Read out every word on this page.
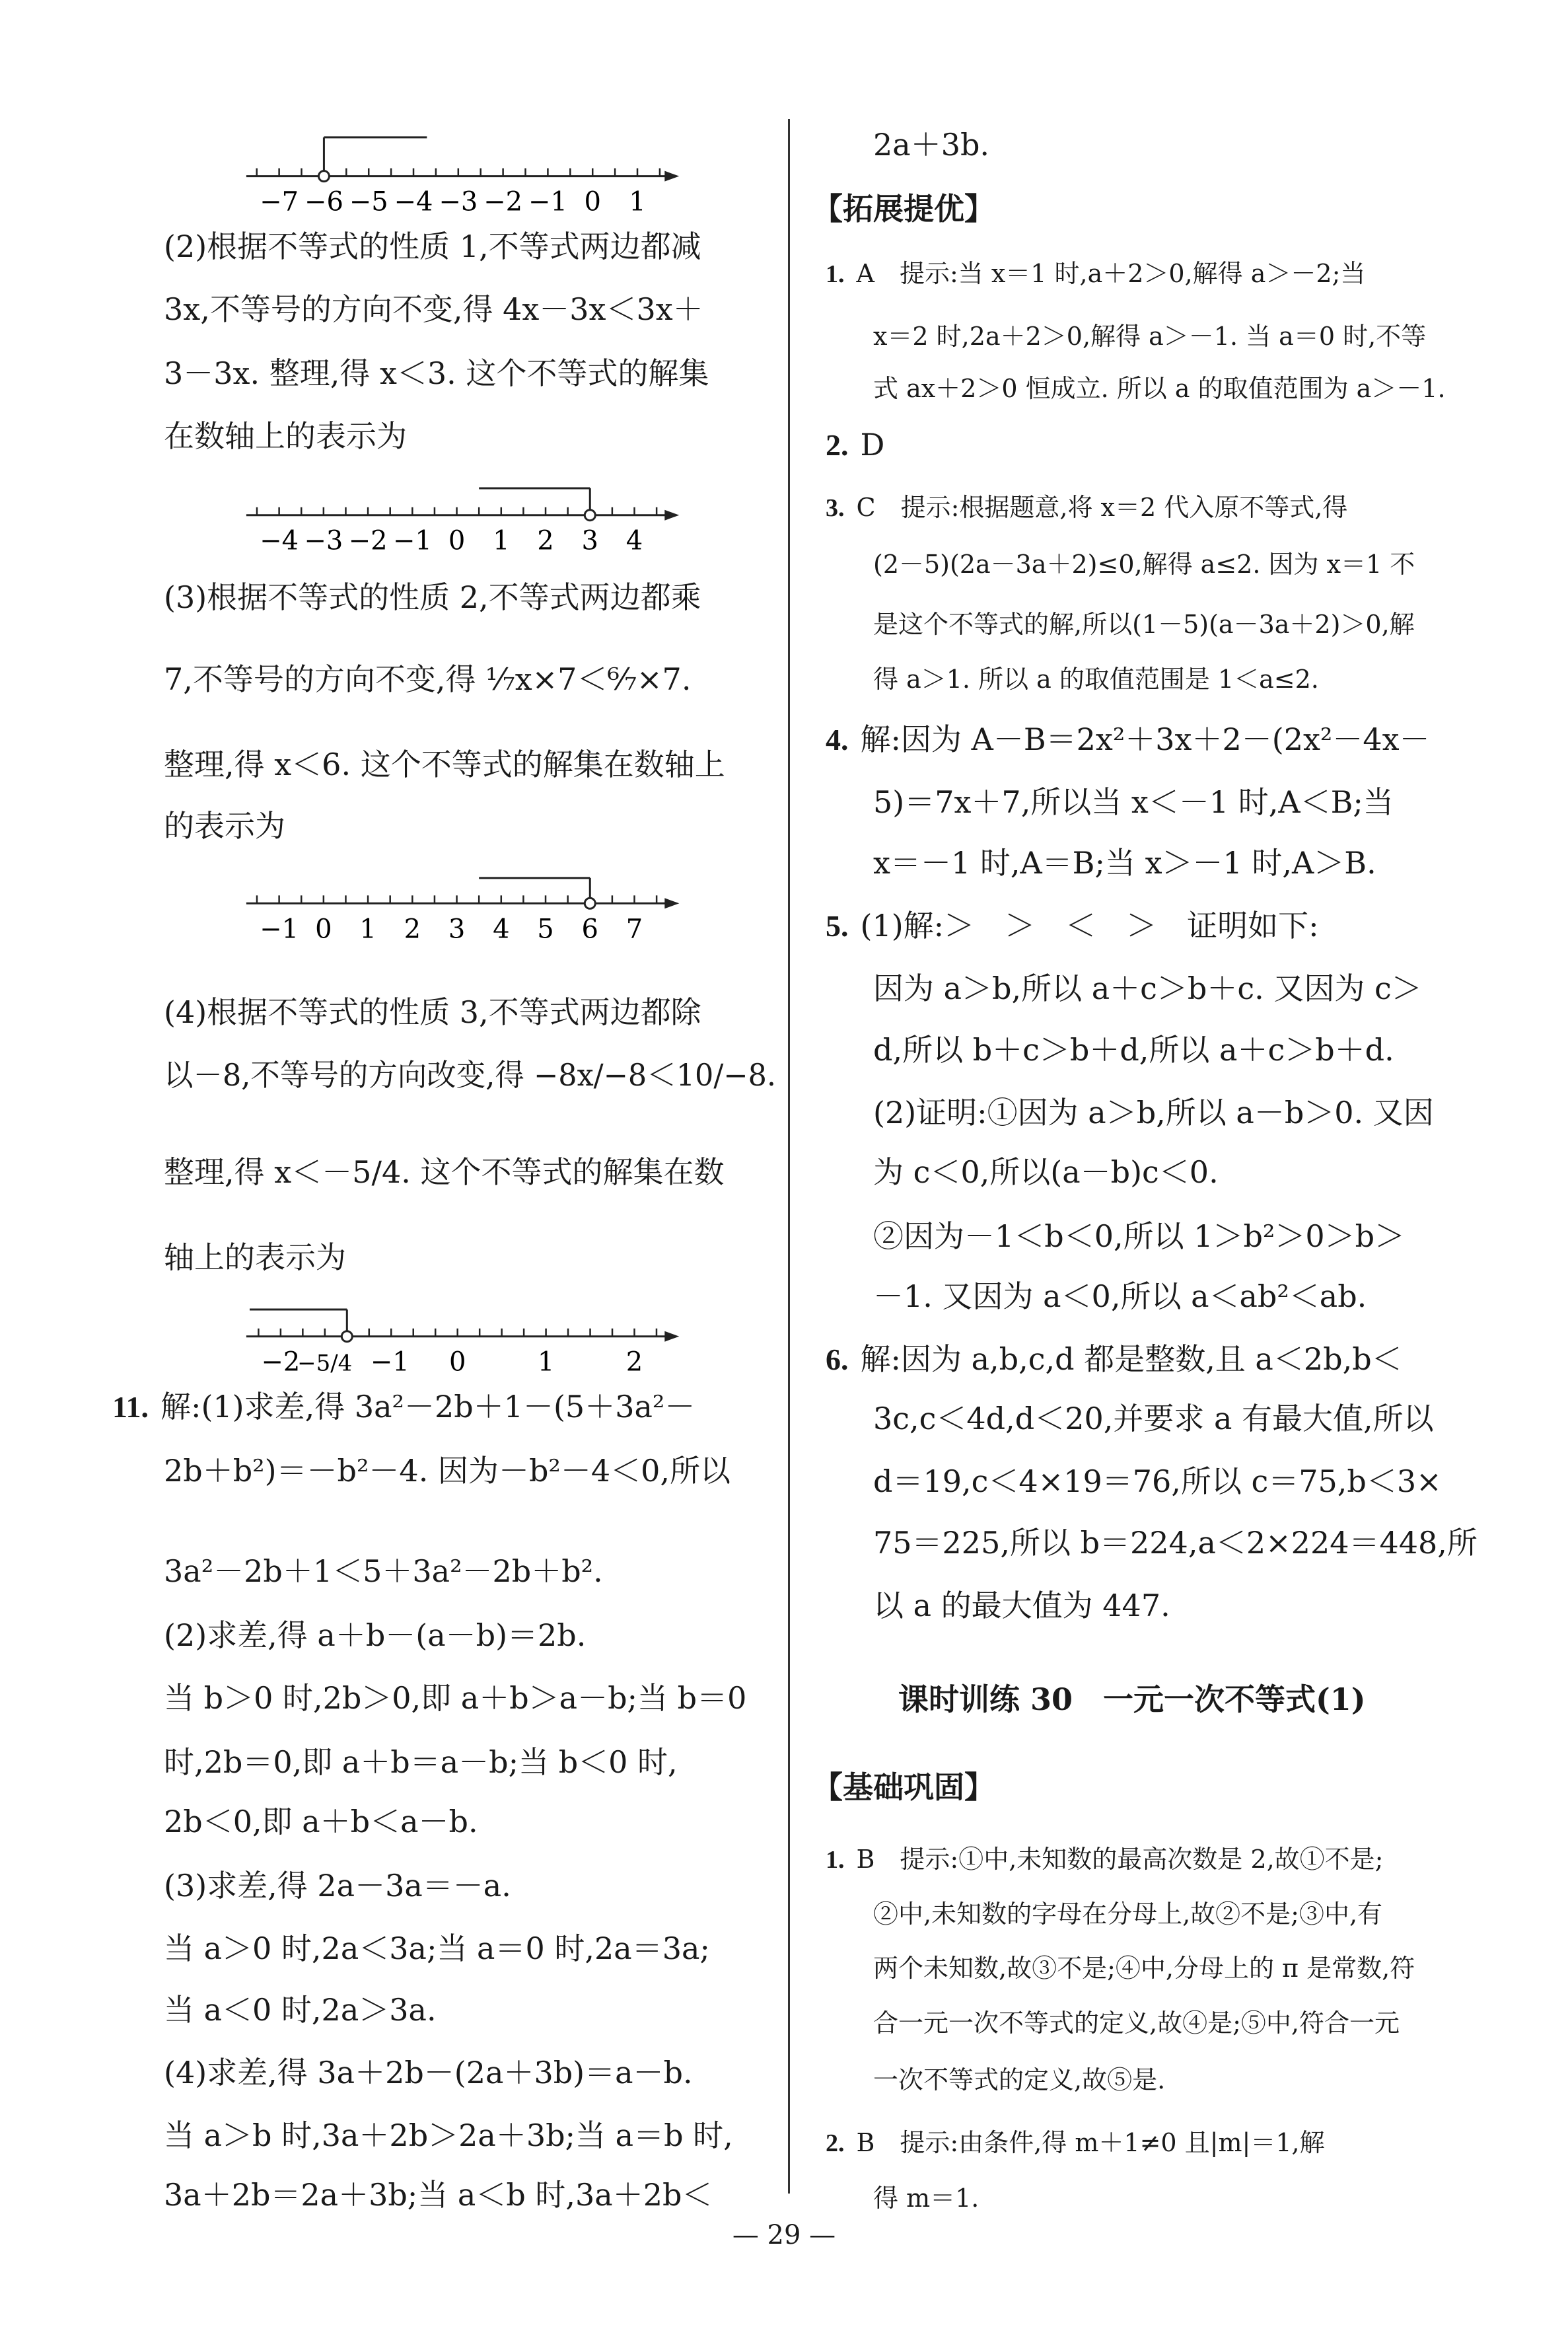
(2)根据不等式的性质 1,不等式两边都减
3x,不等号的方向不变,得 4x－3x＜3x＋
3－3x. 整理,得 x＜3. 这个不等式的解集
在数轴上的表示为
(3)根据不等式的性质 2,不等式两边都乘
7,不等号的方向不变,得 ¹⁄₇x×7＜⁶⁄₇×7.
整理,得 x＜6. 这个不等式的解集在数轴上
的表示为
(4)根据不等式的性质 3,不等式两边都除
以－8,不等号的方向改变,得 −8x/−8＜10/−8.
整理,得 x＜－5/4. 这个不等式的解集在数
轴上的表示为
11. 解:(1)求差,得 3a²－2b＋1－(5＋3a²－
2b＋b²)＝－b²－4. 因为－b²－4＜0,所以
3a²－2b＋1＜5＋3a²－2b＋b².
(2)求差,得 a＋b－(a－b)＝2b.
当 b＞0 时,2b＞0,即 a＋b＞a－b;当 b＝0
时,2b＝0,即 a＋b＝a－b;当 b＜0 时,
2b＜0,即 a＋b＜a－b.
(3)求差,得 2a－3a＝－a.
当 a＞0 时,2a＜3a;当 a＝0 时,2a＝3a;
当 a＜0 时,2a＞3a.
(4)求差,得 3a＋2b－(2a＋3b)＝a－b.
当 a＞b 时,3a＋2b＞2a＋3b;当 a＝b 时,
3a＋2b＝2a＋3b;当 a＜b 时,3a＋2b＜
2a＋3b.
【拓展提优】
1. A　提示:当 x＝1 时,a＋2＞0,解得 a＞－2;当
x＝2 时,2a＋2＞0,解得 a＞－1. 当 a＝0 时,不等
式 ax＋2＞0 恒成立. 所以 a 的取值范围为 a＞－1.
2. D
3. C　提示:根据题意,将 x＝2 代入原不等式,得
(2－5)(2a－3a＋2)≤0,解得 a≤2. 因为 x＝1 不
是这个不等式的解,所以(1－5)(a－3a＋2)＞0,解
得 a＞1. 所以 a 的取值范围是 1＜a≤2.
4. 解:因为 A－B＝2x²＋3x＋2－(2x²－4x－
5)＝7x＋7,所以当 x＜－1 时,A＜B;当
x＝－1 时,A＝B;当 x＞－1 时,A＞B.
5. (1)解:＞　＞　＜　＞　证明如下:
因为 a＞b,所以 a＋c＞b＋c. 又因为 c＞
d,所以 b＋c＞b＋d,所以 a＋c＞b＋d.
(2)证明:①因为 a＞b,所以 a－b＞0. 又因
为 c＜0,所以(a－b)c＜0.
②因为－1＜b＜0,所以 1＞b²＞0＞b＞
－1. 又因为 a＜0,所以 a＜ab²＜ab.
6. 解:因为 a,b,c,d 都是整数,且 a＜2b,b＜
3c,c＜4d,d＜20,并要求 a 有最大值,所以
d＝19,c＜4×19＝76,所以 c＝75,b＜3×
75＝225,所以 b＝224,a＜2×224＝448,所
以 a 的最大值为 447.
课时训练 30　一元一次不等式(1)
【基础巩固】
1. B　提示:①中,未知数的最高次数是 2,故①不是;
②中,未知数的字母在分母上,故②不是;③中,有
两个未知数,故③不是;④中,分母上的 π 是常数,符
合一元一次不等式的定义,故④是;⑤中,符合一元
一次不等式的定义,故⑤是.
2. B　提示:由条件,得 m＋1≠0 且|m|＝1,解
得 m＝1.
— 29 —
−7 −6 −5 −4 −3 −2 −1 0 1
−4 −3 −2 −1 0 1 2 3 4
−1 0 1 2 3 4 5 6 7
−2
−5/4 −1 0	1	2
